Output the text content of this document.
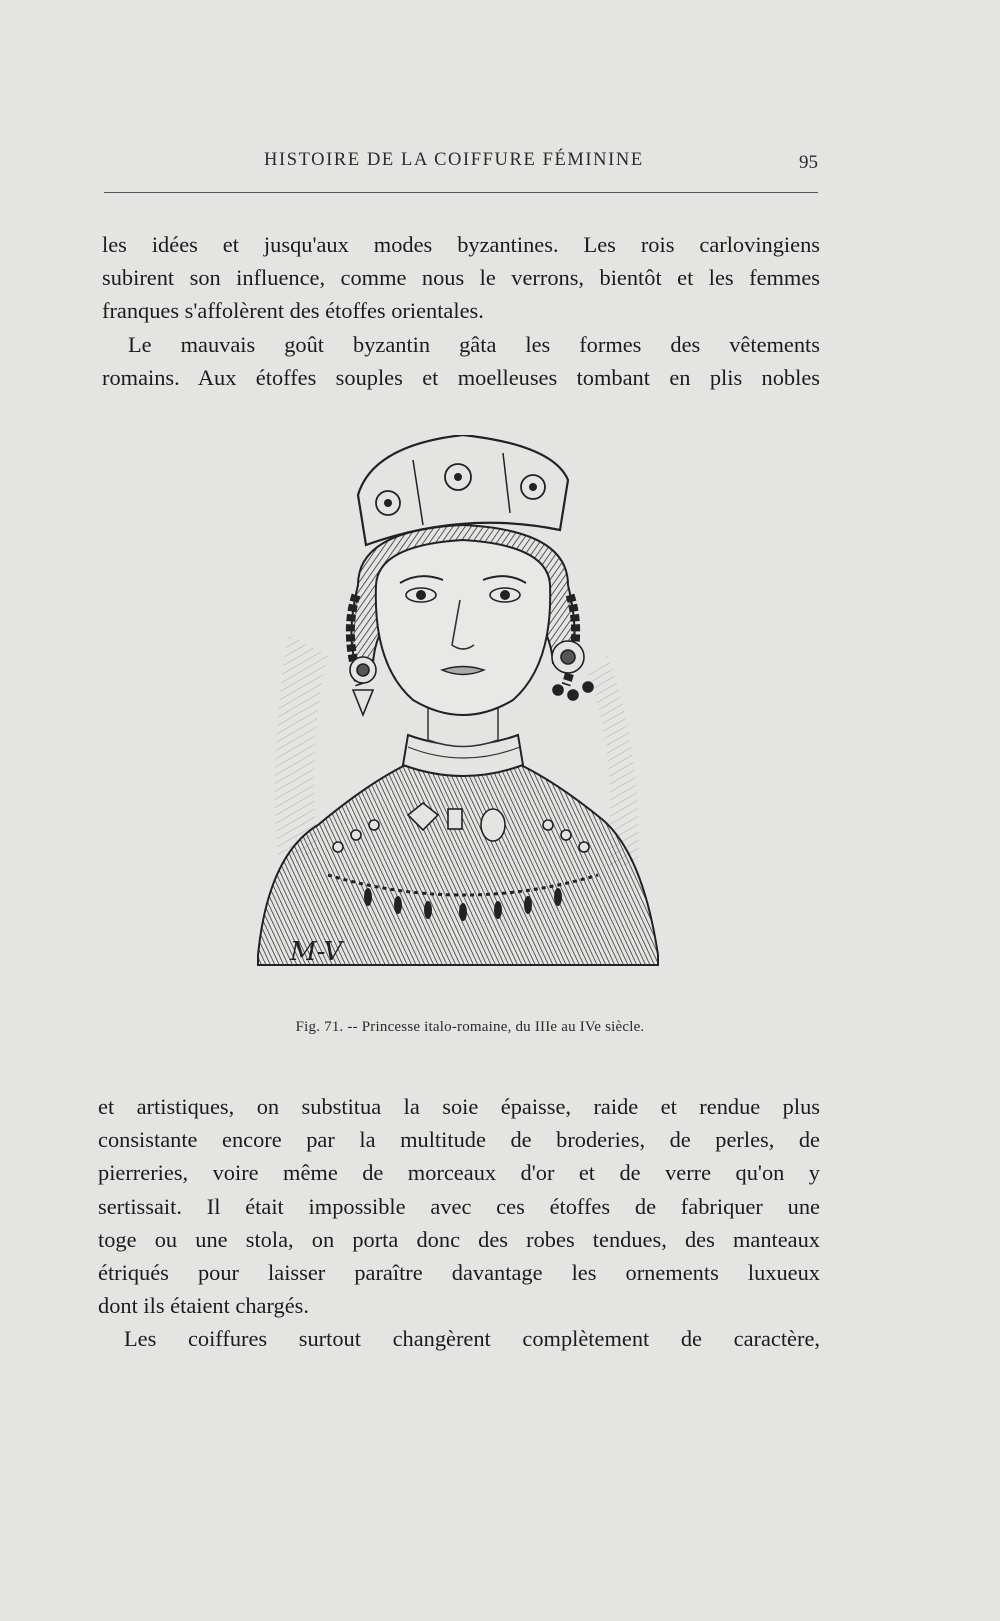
HISTOIRE DE LA COIFFURE FÉMININE	95

les idées et jusqu'aux modes byzantines. Les rois carlovingiens
subirent son influence, comme nous le verrons, bientôt et les femmes

franques s'affolèrent des étoffes orientales.

Le mauvais goût byzantin gâta les formes des vêtements

romains. Aux étoffes souples et moelleuses tombant en plis nobles

M-V
Fig. 71. -- Princesse italo-romaine, du IIIe au IVe siècle.

et artistiques, on substitua la soie épaisse, raide et rendue plus
consistante encore par la multitude de broderies, de perles, de
pierreries, voire même de morceaux d'or et de verre qu'on y
sertissait. Il était impossible avec ces étoffes de fabriquer une
toge ou une stola, on porta donc des robes tendues, des manteaux
étriqués pour laisser paraître davantage les ornements luxueux

dont ils étaient chargés.

Les coiffures surtout changèrent complètement de caractère,
